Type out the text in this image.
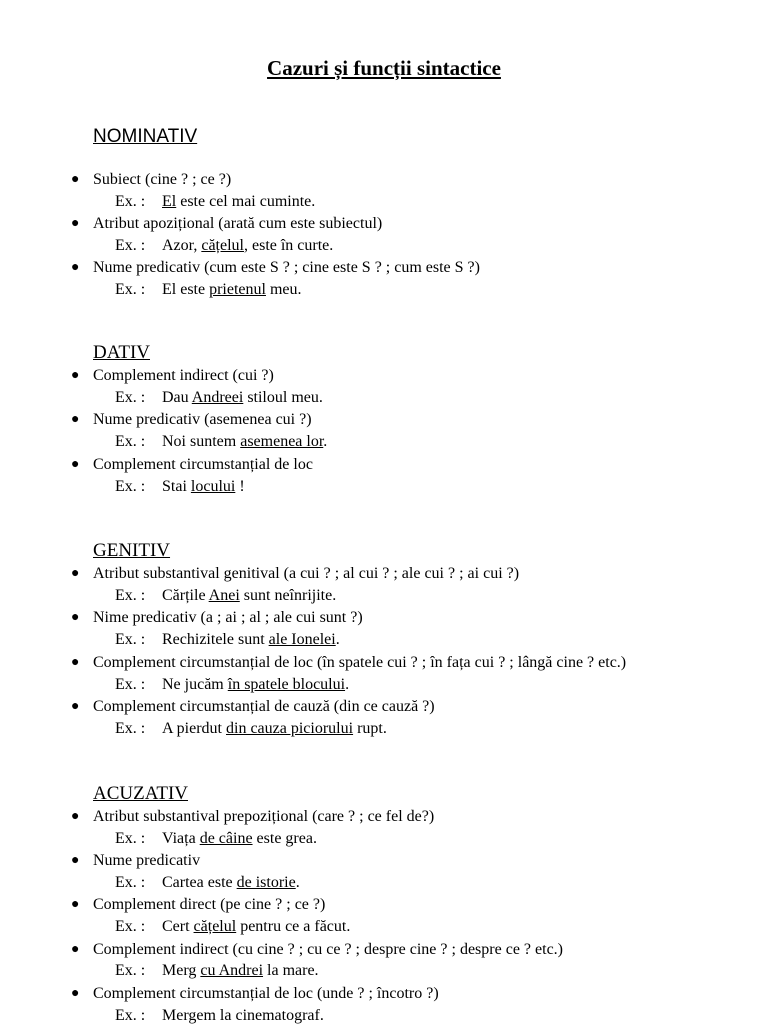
Cazuri și funcții sintactice
NOMINATIV
● Subiect (cine ? ; ce ?)
Ex. : El este cel mai cuminte.
● Atribut apozițional (arată cum este subiectul)
Ex. : Azor, cățelul, este în curte.
● Nume predicativ (cum este S ? ; cine este S ? ; cum este S ?)
Ex. : El este prietenul meu.
DATIV
● Complement indirect (cui ?)
Ex. : Dau Andreei stiloul meu.
● Nume predicativ (asemenea cui ?)
Ex. : Noi suntem asemenea lor.
● Complement circumstanțial de loc
Ex. : Stai locului !
GENITIV
● Atribut substantival genitival (a cui ? ; al cui ? ; ale cui ? ; ai cui ?)
Ex. : Cărțile Anei sunt neînrijite.
● Nime predicativ (a ; ai ; al ; ale cui sunt ?)
Ex. : Rechizitele sunt ale Ionelei.
● Complement circumstanțial de loc (în spatele cui ? ; în fața cui ? ; lângă cine ? etc.)
Ex. : Ne jucăm în spatele blocului.
● Complement circumstanțial de cauză (din ce cauză ?)
Ex. : A pierdut din cauza piciorului rupt.
ACUZATIV
● Atribut substantival prepozițional (care ? ; ce fel de?)
Ex. : Viața de câine este grea.
● Nume predicativ
Ex. : Cartea este de istorie.
● Complement direct (pe cine ? ; ce ?)
Ex. : Cert cățelul pentru ce a făcut.
● Complement indirect (cu cine ? ; cu ce ? ; despre cine ? ; despre ce ? etc.)
Ex. : Merg cu Andrei la mare.
● Complement circumstanțial de loc (unde ? ; încotro ?)
Ex. : Mergem la cinematograf.
